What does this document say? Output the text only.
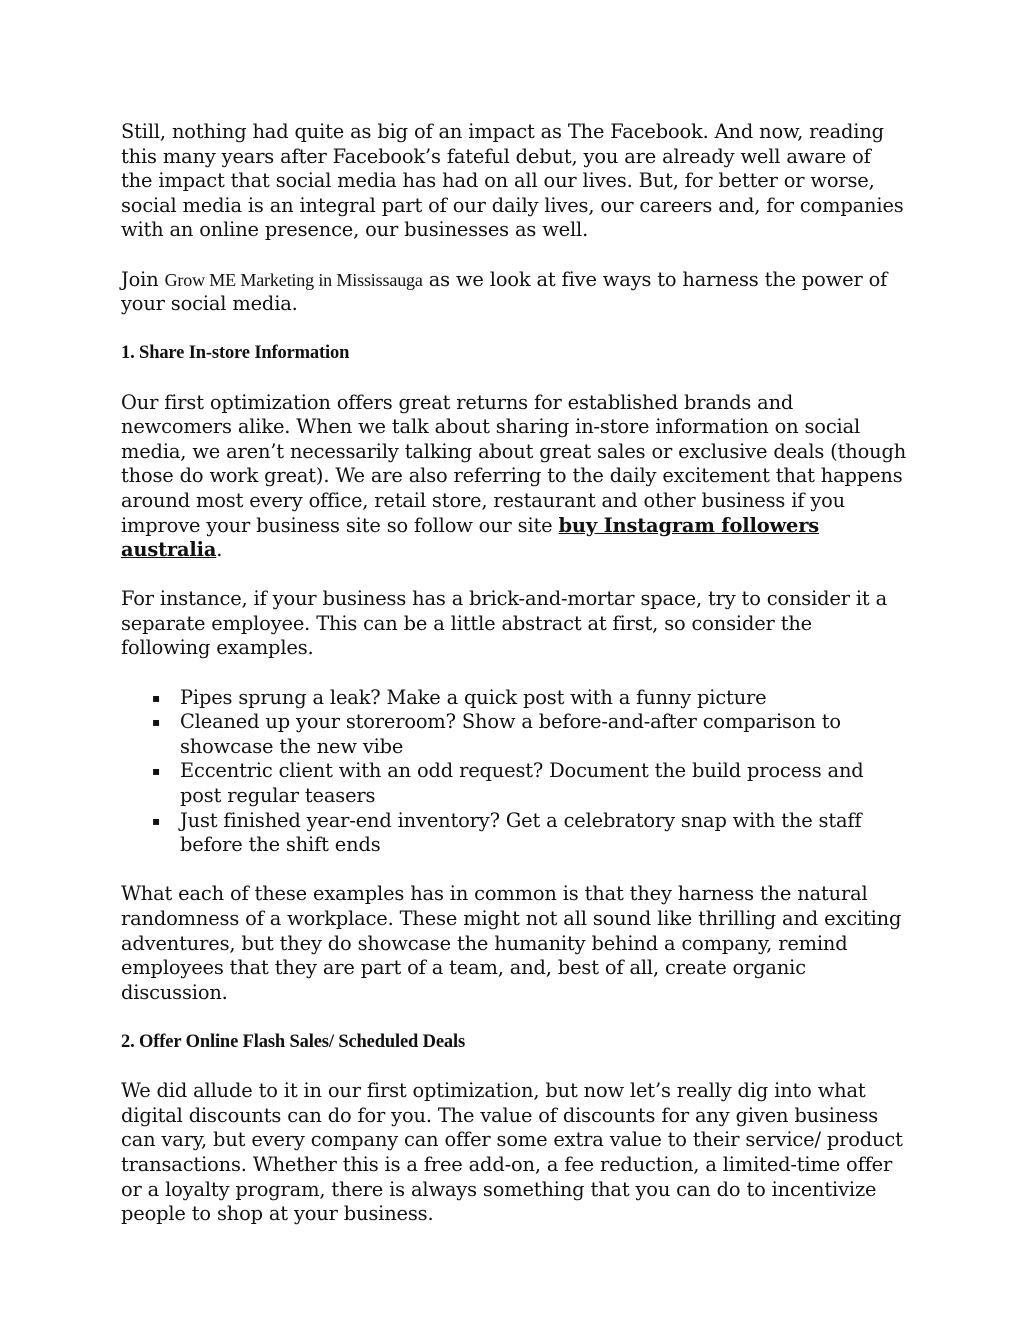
Still, nothing had quite as big of an impact as The Facebook. And now, reading this many years after Facebook’s fateful debut, you are already well aware of the impact that social media has had on all our lives. But, for better or worse, social media is an integral part of our daily lives, our careers and, for companies with an online presence, our businesses as well.

Join Grow ME Marketing in Mississauga as we look at five ways to harness the power of your social media.

1. Share In-store Information

Our first optimization offers great returns for established brands and newcomers alike. When we talk about sharing in-store information on social media, we aren’t necessarily talking about great sales or exclusive deals (though those do work great). We are also referring to the daily excitement that happens around most every office, retail store, restaurant and other business if you improve your business site so follow our site buy Instagram followers australia.

For instance, if your business has a brick-and-mortar space, try to consider it a separate employee. This can be a little abstract at first, so consider the following examples.

▪ Pipes sprung a leak? Make a quick post with a funny picture
▪ Cleaned up your storeroom? Show a before-and-after comparison to showcase the new vibe
▪ Eccentric client with an odd request? Document the build process and post regular teasers
▪ Just finished year-end inventory? Get a celebratory snap with the staff before the shift ends

What each of these examples has in common is that they harness the natural randomness of a workplace. These might not all sound like thrilling and exciting adventures, but they do showcase the humanity behind a company, remind employees that they are part of a team, and, best of all, create organic discussion.

2. Offer Online Flash Sales/ Scheduled Deals

We did allude to it in our first optimization, but now let’s really dig into what digital discounts can do for you. The value of discounts for any given business can vary, but every company can offer some extra value to their service/ product transactions. Whether this is a free add-on, a fee reduction, a limited-time offer or a loyalty program, there is always something that you can do to incentivize people to shop at your business.
